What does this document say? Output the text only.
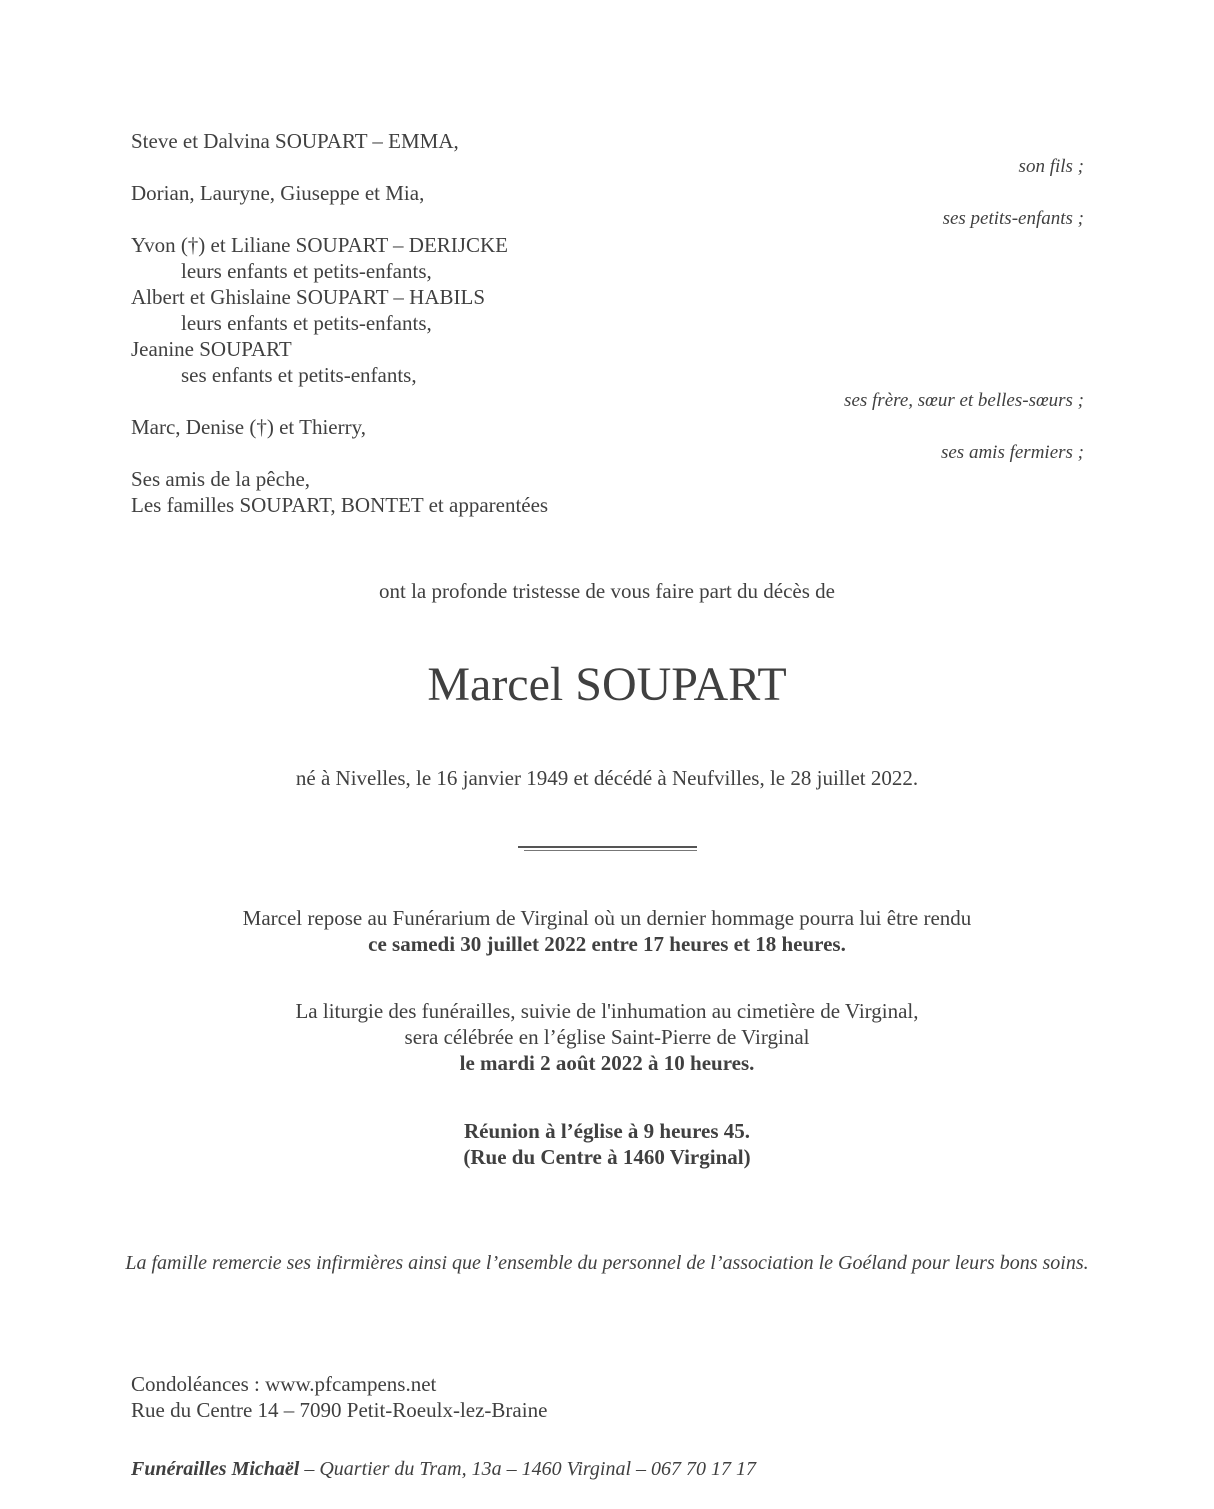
Steve et Dalvina SOUPART – EMMA,
son fils ;
Dorian, Lauryne, Giuseppe et Mia,
ses petits-enfants ;
Yvon (†) et Liliane SOUPART – DERIJCKE
leurs enfants et petits-enfants,
Albert et Ghislaine SOUPART – HABILS
leurs enfants et petits-enfants,
Jeanine SOUPART
ses enfants et petits-enfants,
ses frère, sœur et belles-sœurs ;
Marc, Denise (†) et Thierry,
ses amis fermiers ;
Ses amis de la pêche,
Les familles SOUPART, BONTET et apparentées
ont la profonde tristesse de vous faire part du décès de
Marcel SOUPART
né à Nivelles, le 16 janvier 1949 et décédé à Neufvilles, le 28 juillet 2022.
Marcel repose au Funérarium de Virginal où un dernier hommage pourra lui être rendu
ce samedi 30 juillet 2022 entre 17 heures et 18 heures.
La liturgie des funérailles, suivie de l'inhumation au cimetière de Virginal,
sera célébrée en l’église Saint-Pierre de Virginal
le mardi 2 août 2022 à 10 heures.
Réunion à l’église à 9 heures 45.
(Rue du Centre à 1460 Virginal)
La famille remercie ses infirmières ainsi que l’ensemble du personnel de l’association le Goéland pour leurs bons soins.
Condoléances : www.pfcampens.net
Rue du Centre 14 – 7090 Petit-Roeulx-lez-Braine
Funérailles Michaël – Quartier du Tram, 13a – 1460 Virginal – 067 70 17 17
